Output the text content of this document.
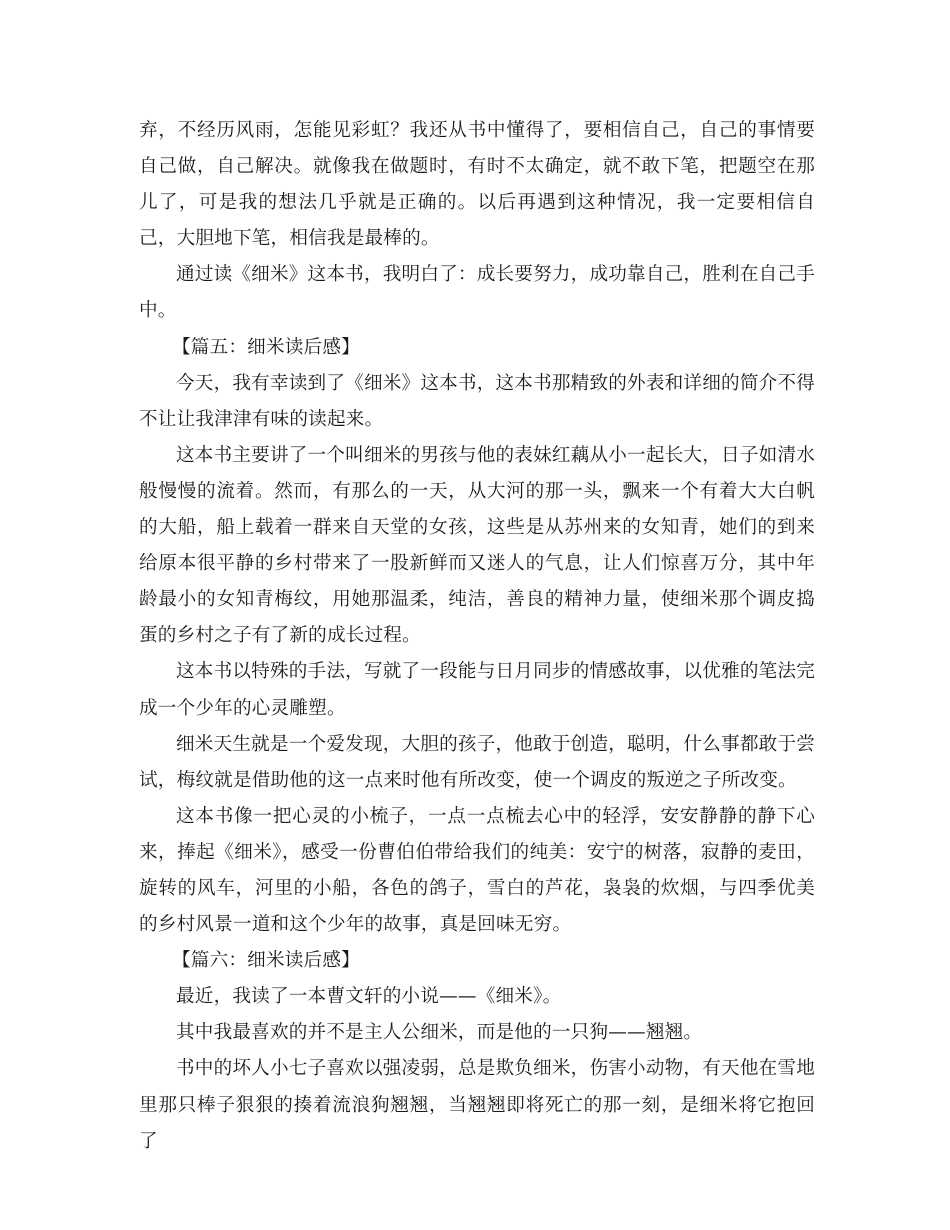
弃，不经历风雨，怎能见彩虹？我还从书中懂得了，要相信自己，自己的事情要自己做，自己解决。就像我在做题时，有时不太确定，就不敢下笔，把题空在那儿了，可是我的想法几乎就是正确的。以后再遇到这种情况，我一定要相信自己，大胆地下笔，相信我是最棒的。

通过读《细米》这本书，我明白了：成长要努力，成功靠自己，胜利在自己手中。

【篇五：细米读后感】

今天，我有幸读到了《细米》这本书，这本书那精致的外表和详细的简介不得不让让我津津有味的读起来。

这本书主要讲了一个叫细米的男孩与他的表妹红藕从小一起长大，日子如清水般慢慢的流着。然而，有那么的一天，从大河的那一头，飘来一个有着大大白帆的大船，船上载着一群来自天堂的女孩，这些是从苏州来的女知青，她们的到来给原本很平静的乡村带来了一股新鲜而又迷人的气息，让人们惊喜万分，其中年龄最小的女知青梅纹，用她那温柔，纯洁，善良的精神力量，使细米那个调皮捣蛋的乡村之子有了新的成长过程。

这本书以特殊的手法，写就了一段能与日月同步的情感故事，以优雅的笔法完成一个少年的心灵雕塑。

细米天生就是一个爱发现，大胆的孩子，他敢于创造，聪明，什么事都敢于尝试，梅纹就是借助他的这一点来时他有所改变，使一个调皮的叛逆之子所改变。

这本书像一把心灵的小梳子，一点一点梳去心中的轻浮，安安静静的静下心来，捧起《细米》，感受一份曹伯伯带给我们的纯美：安宁的树落，寂静的麦田，旋转的风车，河里的小船，各色的鸽子，雪白的芦花，袅袅的炊烟，与四季优美的乡村风景一道和这个少年的故事，真是回味无穷。

【篇六：细米读后感】

最近，我读了一本曹文轩的小说——《细米》。

其中我最喜欢的并不是主人公细米，而是他的一只狗——翘翘。

书中的坏人小七子喜欢以强凌弱，总是欺负细米，伤害小动物，有天他在雪地里那只棒子狠狠的揍着流浪狗翘翘，当翘翘即将死亡的那一刻，是细米将它抱回了
